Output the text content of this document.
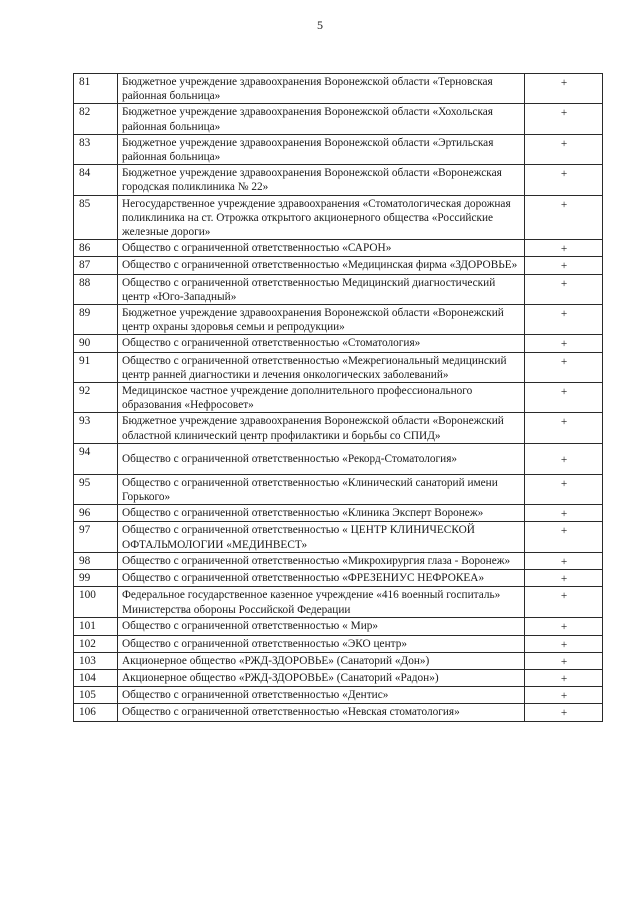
5
81	Бюджетное учреждение здравоохранения Воронежской области «Терновская районная больница»	+
82	Бюджетное учреждение здравоохранения Воронежской области «Хохольская районная больница»	+
83	Бюджетное учреждение здравоохранения Воронежской области «Эртильская районная больница»	+
84	Бюджетное учреждение здравоохранения Воронежской области «Воронежская городская поликлиника № 22»	+
85	Негосударственное учреждение здравоохранения «Стоматологическая дорожная поликлиника на ст. Отрожка открытого акционерного общества «Российские железные дороги»	+
86	Общество с ограниченной ответственностью «САРОН»	+
87	Общество с ограниченной ответственностью «Медицинская фирма «ЗДОРОВЬЕ»	+
88	Общество с ограниченной ответственностью Медицинский диагностический центр «Юго-Западный»	+
89	Бюджетное учреждение здравоохранения Воронежской области «Воронежский центр охраны здоровья семьи и репродукции»	+
90	Общество с ограниченной ответственностью «Стоматология»	+
91	Общество с ограниченной ответственностью «Межрегиональный медицинский центр ранней диагностики и лечения онкологических заболеваний»	+
92	Медицинское частное учреждение дополнительного профессионального образования «Нефросовет»	+
93	Бюджетное учреждение здравоохранения Воронежской области «Воронежский областной клинический центр профилактики и борьбы со СПИД»	+
94	Общество с ограниченной ответственностью «Рекорд-Стоматология»	+
95	Общество с ограниченной ответственностью «Клинический санаторий имени Горького»	+
96	Общество с ограниченной ответственностью «Клиника Эксперт Воронеж»	+
97	Общество с ограниченной ответственностью « ЦЕНТР КЛИНИЧЕСКОЙ ОФТАЛЬМОЛОГИИ «МЕДИНВЕСТ»	+
98	Общество с ограниченной ответственностью «Микрохирургия глаза - Воронеж»	+
99	Общество с ограниченной ответственностью «ФРЕЗЕНИУС НЕФРОКЕА»	+
100	Федеральное государственное казенное учреждение «416 военный госпиталь» Министерства обороны Российской Федерации	+
101	Общество с ограниченной ответственностью « Мир»	+
102	Общество с ограниченной ответственностью «ЭКО центр»	+
103	Акционерное общество «РЖД-ЗДОРОВЬЕ» (Санаторий «Дон»)	+
104	Акционерное общество «РЖД-ЗДОРОВЬЕ» (Санаторий «Радон»)	+
105	Общество с ограниченной ответственностью «Дентис»	+
106	Общество с ограниченной ответственностью «Невская стоматология»	+
